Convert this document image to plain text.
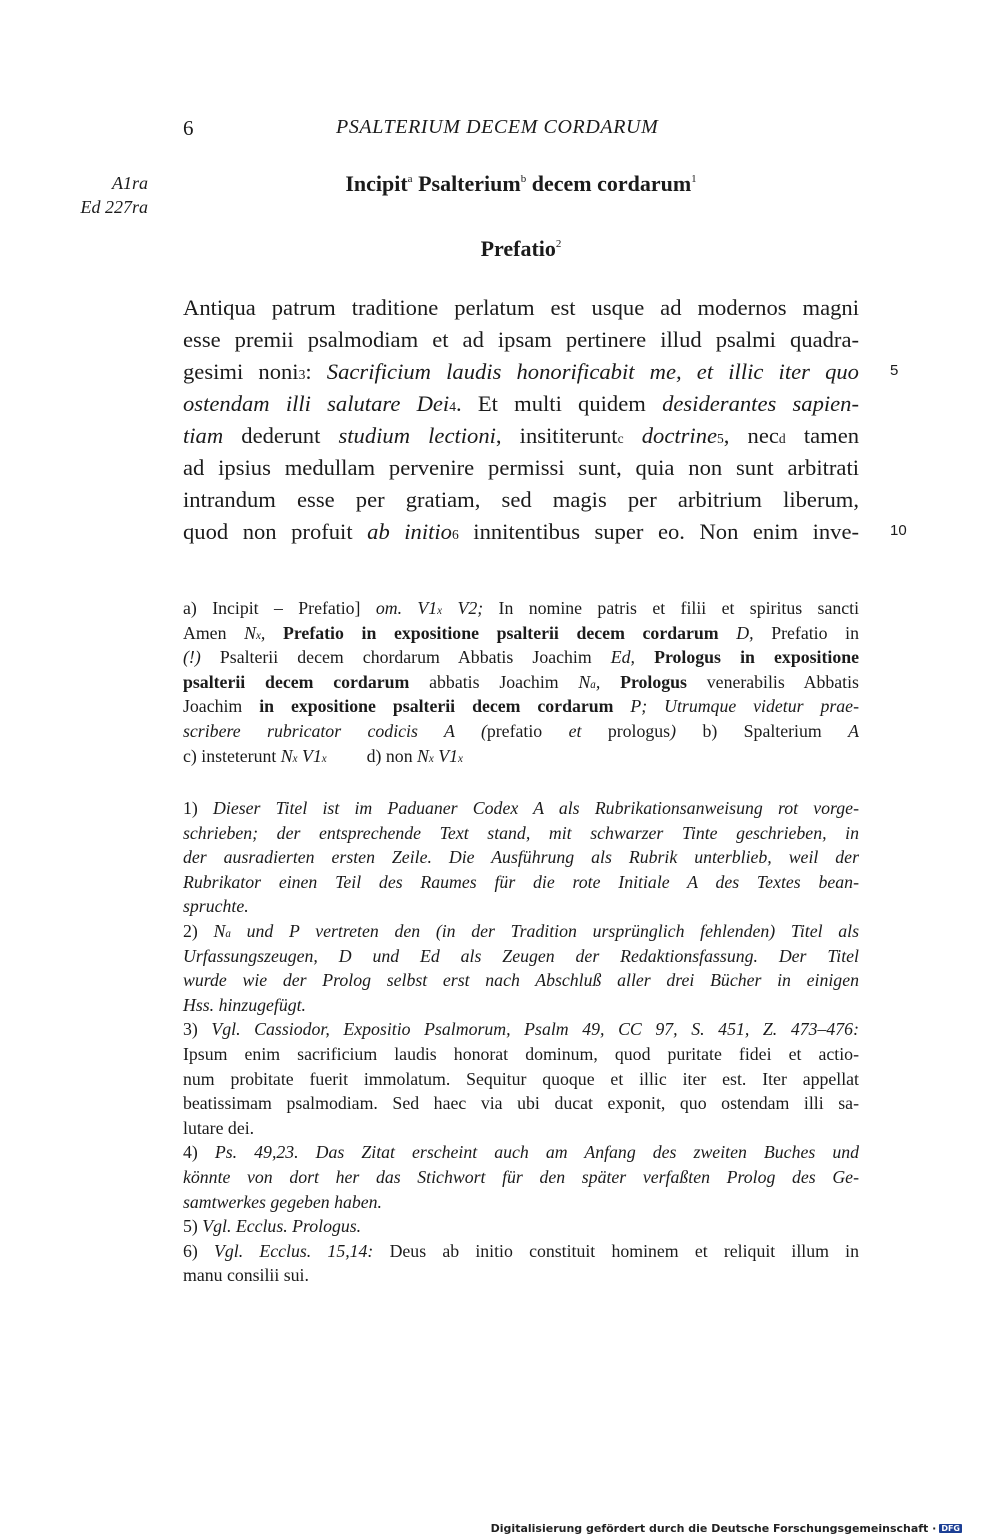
6	PSALTERIUM DECEM CORDARUM
A1ra
Ed 227ra
Incipit$^a$ Psalterium$^b$ decem cordarum$^1$
Prefatio$^2$
Antiqua patrum traditione perlatum est usque ad modernos magni
esse premii psalmodiam et ad ipsam pertinere illud psalmi quadra-
gesimi noni$^3$: Sacrificium laudis honorificabit me, et illic iter quo
ostendam illi salutare Dei$^4$. Et multi quidem desiderantes sapien-
tiam dederunt studium lectioni, insititerunt$^c$ doctrine$^5$, nec$^d$ tamen
ad ipsius medullam pervenire permissi sunt, quia non sunt arbitrati
intrandum esse per gratiam, sed magis per arbitrium liberum,
quod non profuit ab initio$^6$ innitentibus super eo. Non enim inve-
5
10
a) Incipit – Prefatio] om. $V1_x$ V2; In nomine patris et filii et spiritus sancti
Amen $N_x$, Prefatio in expositione psalterii decem cordarum D, Prefatio in
(!) Psalterii decem chordarum Abbatis Joachim Ed, Prologus in expositione
psalterii decem cordarum abbatis Joachim $N_a$, Prologus venerabilis Abbatis
Joachim in expositione psalterii decem cordarum P; Utrumque videtur prae-
scribere rubricator codicis A (prefatio et prologus) b) Spalterium A
c) insteterunt $N_x$ $V1_x$ d) non $N_x$ $V1_x$
1) Dieser Titel ist im Paduaner Codex A als Rubrikationsanweisung rot vorge-
schrieben; der entsprechende Text stand, mit schwarzer Tinte geschrieben, in
der ausradierten ersten Zeile. Die Ausführung als Rubrik unterblieb, weil der
Rubrikator einen Teil des Raumes für die rote Initiale A des Textes bean-
spruchte.
2) $N_a$ und P vertreten den (in der Tradition ursprünglich fehlenden) Titel als
Urfassungszeugen, D und Ed als Zeugen der Redaktionsfassung. Der Titel
wurde wie der Prolog selbst erst nach Abschluß aller drei Bücher in einigen
Hss. hinzugefügt.
3) Vgl. Cassiodor, Expositio Psalmorum, Psalm 49, CC 97, S. 451, Z. 473–476:
Ipsum enim sacrificium laudis honorat dominum, quod puritate fidei et actio-
num probitate fuerit immolatum. Sequitur quoque et illic iter est. Iter appellat
beatissimam psalmodiam. Sed haec via ubi ducat exponit, quo ostendam illi sa-
lutare dei.
4) Ps. 49,23. Das Zitat erscheint auch am Anfang des zweiten Buches und
könnte von dort her das Stichwort für den später verfaßten Prolog des Ge-
samtwerkes gegeben haben.
5) Vgl. Ecclus. Prologus.
6) Vgl. Ecclus. 15,14: Deus ab initio constituit hominem et reliquit illum in
manu consilii sui.
Digitalisierung gefördert durch die Deutsche Forschungsgemeinschaft · DFG
